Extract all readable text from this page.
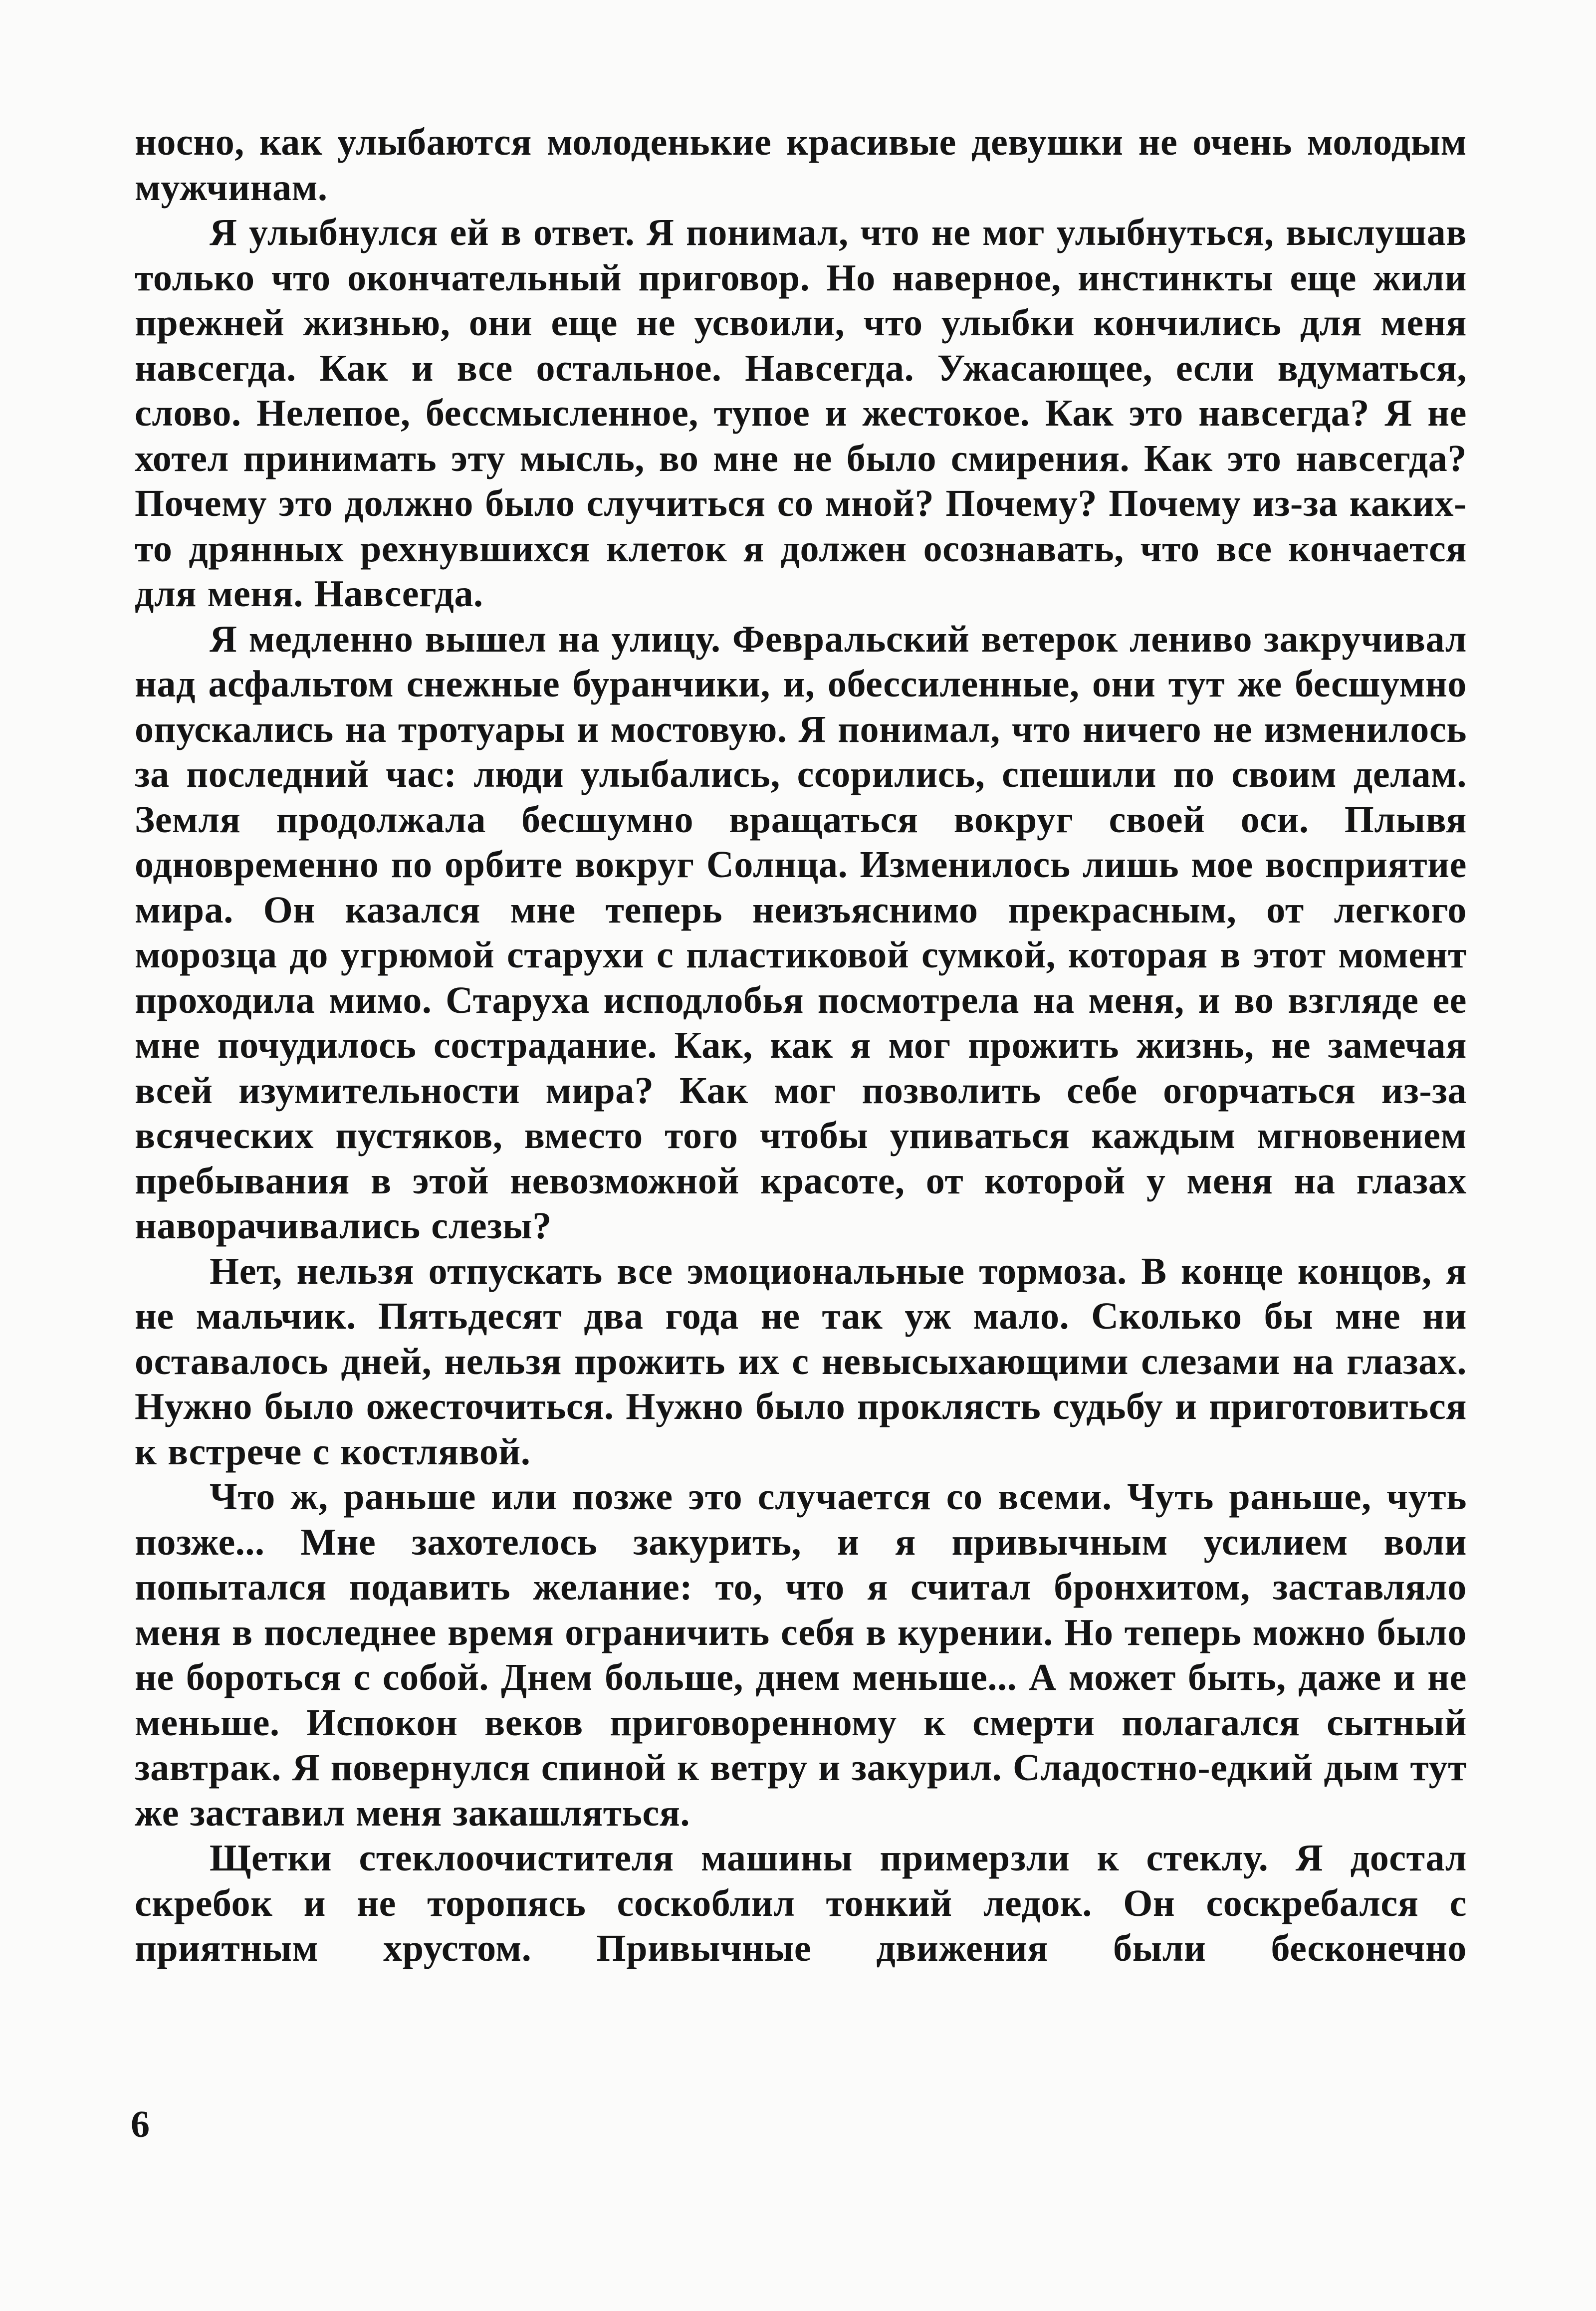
носно, как улыбаются молоденькие красивые девушки не очень молодым мужчинам.

Я улыбнулся ей в ответ. Я понимал, что не мог улыбнуться, выслушав только что окончательный приговор. Но наверное, инстинкты еще жили прежней жизнью, они еще не усвоили, что улыбки кончились для меня навсегда. Как и все остальное. Навсегда. Ужасающее, если вдуматься, слово. Нелепое, бессмысленное, тупое и жестокое. Как это навсегда? Я не хотел принимать эту мысль, во мне не было смирения. Как это навсегда? Почему это должно было случиться со мной? Почему? Почему из-за каких-то дрянных рехнувшихся клеток я должен осознавать, что все кончается для меня. Навсегда.

Я медленно вышел на улицу. Февральский ветерок лениво закручивал над асфальтом снежные буранчики, и, обессиленные, они тут же бесшумно опускались на тротуары и мостовую. Я понимал, что ничего не изменилось за последний час: люди улыбались, ссорились, спешили по своим делам. Земля продолжала бесшумно вращаться вокруг своей оси. Плывя одновременно по орбите вокруг Солнца. Изменилось лишь мое восприятие мира. Он казался мне теперь неизъяснимо прекрасным, от легкого морозца до угрюмой старухи с пластиковой сумкой, которая в этот момент проходила мимо. Старуха исподлобья посмотрела на меня, и во взгляде ее мне почудилось сострадание. Как, как я мог прожить жизнь, не замечая всей изумительности мира? Как мог позволить себе огорчаться из-за всяческих пустяков, вместо того чтобы упиваться каждым мгновением пребывания в этой невозможной красоте, от которой у меня на глазах наворачивались слезы?

Нет, нельзя отпускать все эмоциональные тормоза. В конце концов, я не мальчик. Пятьдесят два года не так уж мало. Сколько бы мне ни оставалось дней, нельзя прожить их с невысыхающими слезами на глазах. Нужно было ожесточиться. Нужно было проклясть судьбу и приготовиться к встрече с костлявой.

Что ж, раньше или позже это случается со всеми. Чуть раньше, чуть позже... Мне захотелось закурить, и я привычным усилием воли попытался подавить желание: то, что я считал бронхитом, заставляло меня в последнее время ограничить себя в курении. Но теперь можно было не бороться с собой. Днем больше, днем меньше... А может быть, даже и не меньше. Испокон веков приговоренному к смерти полагался сытный завтрак. Я повернулся спиной к ветру и закурил. Сладостно-едкий дым тут же заставил меня закашляться.

Щетки стеклоочистителя машины примерзли к стеклу. Я достал скребок и не торопясь соскоблил тонкий ледок. Он соскребался с приятным хрустом. Привычные движения были бесконечно

6
